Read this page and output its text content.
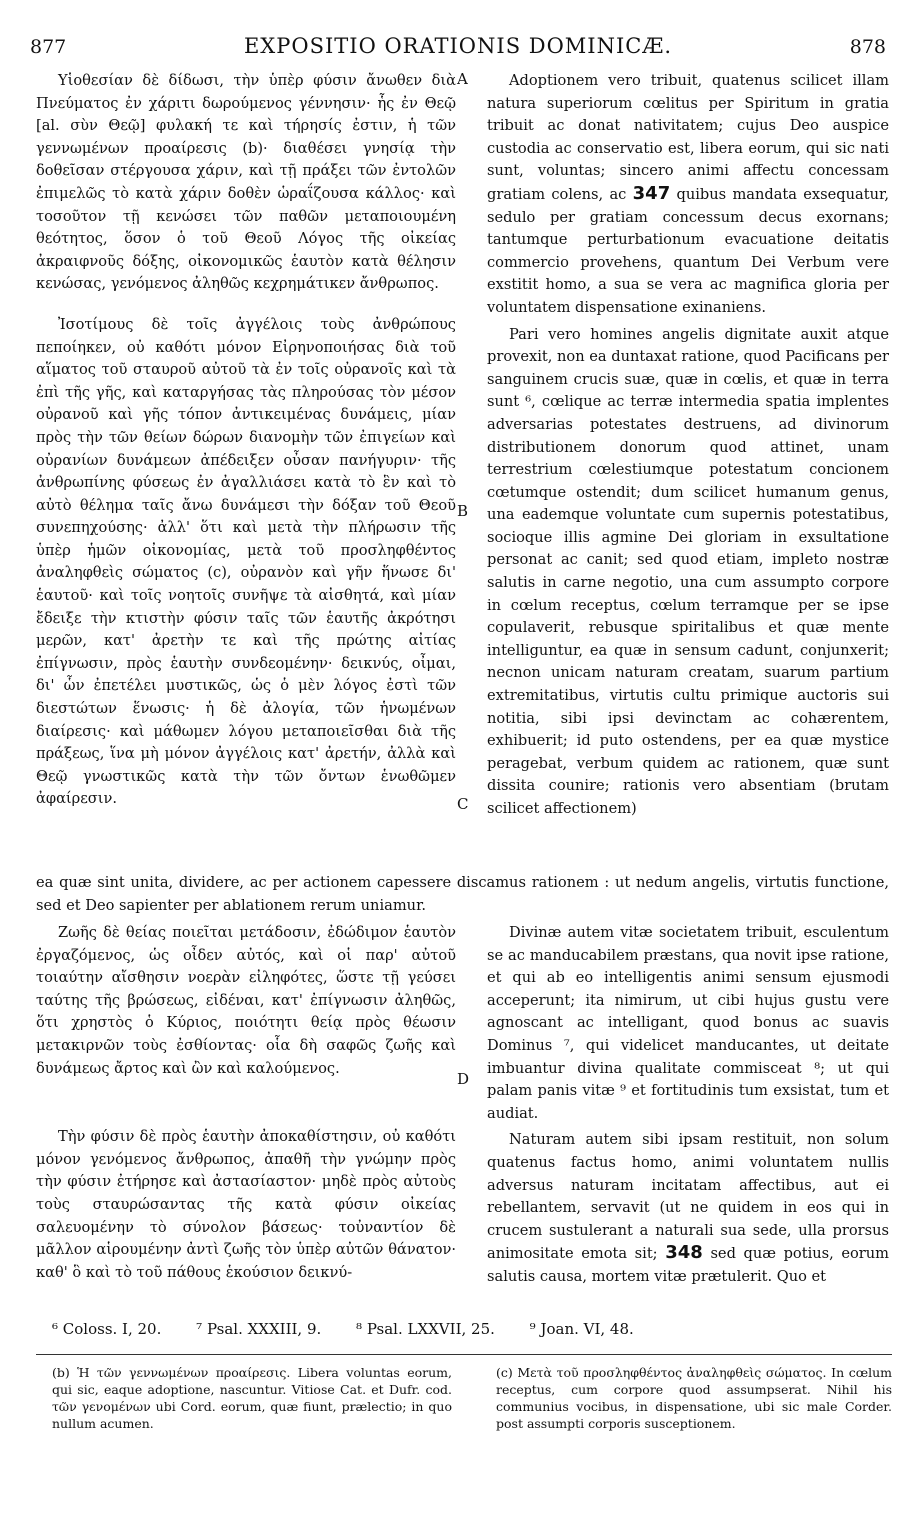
877	EXPOSITIO ORATIONIS DOMINICÆ.	878

Υἱοθεσίαν δὲ δίδωσι, τὴν ὑπὲρ φύσιν ἄνωθεν διὰ Πνεύματος ἐν χάριτι δωρούμενος γέννησιν· ἧς ἐν Θεῷ [al. σὺν Θεῷ] φυλακή τε καὶ τήρησίς ἐστιν, ἡ τῶν γεννωμένων προαίρεσις (b)· διαθέσει γνησίᾳ τὴν δοθεῖσαν στέργουσα χάριν, καὶ τῇ πράξει τῶν ἐντολῶν ἐπιμελῶς τὸ κατὰ χάριν δοθὲν ὡραΐζουσα κάλλος· καὶ τοσοῦτον τῇ κενώσει τῶν παθῶν μεταποιουμένη θεότητος, ὅσον ὁ τοῦ Θεοῦ Λόγος τῆς οἰκείας ἀκραιφνοῦς δόξης, οἰκονομικῶς ἑαυτὸν κατὰ θέλησιν κενώσας, γενόμενος ἀληθῶς κεχρημάτικεν ἄνθρωπος.

Ἰσοτίμους δὲ τοῖς ἀγγέλοις τοὺς ἀνθρώπους πεποίηκεν, οὐ καθότι μόνον Εἰρηνοποιήσας διὰ τοῦ αἵματος τοῦ σταυροῦ αὐτοῦ τὰ ἐν τοῖς οὐρανοῖς καὶ τὰ ἐπὶ τῆς γῆς, καὶ καταργήσας τὰς πληρούσας τὸν μέσον οὐρανοῦ καὶ γῆς τόπον ἀντικειμένας δυνάμεις, μίαν πρὸς τὴν τῶν θείων δώρων διανομὴν τῶν ἐπιγείων καὶ οὐρανίων δυνάμεων ἀπέδειξεν οὖσαν πανήγυριν· τῆς ἀνθρωπίνης φύσεως ἐν ἀγαλλιάσει κατὰ τὸ ἓν καὶ τὸ αὐτὸ θέλημα ταῖς ἄνω δυνάμεσι τὴν δόξαν τοῦ Θεοῦ συνεπηχούσης· ἀλλ' ὅτι καὶ μετὰ τὴν πλήρωσιν τῆς ὑπὲρ ἡμῶν οἰκονομίας, μετὰ τοῦ προσληφθέντος ἀναληφθεὶς σώματος (c), οὐρανὸν καὶ γῆν ἥνωσε δι' ἑαυτοῦ· καὶ τοῖς νοητοῖς συνῆψε τὰ αἰσθητά, καὶ μίαν ἔδειξε τὴν κτιστὴν φύσιν ταῖς τῶν ἑαυτῆς ἀκρότησι μερῶν, κατ' ἀρετὴν τε καὶ τῆς πρώτης αἰτίας ἐπίγνωσιν, πρὸς ἑαυτὴν συνδεομένην· δεικνύς, οἶμαι, δι' ὧν ἐπετέλει μυστικῶς, ὡς ὁ μὲν λόγος ἐστὶ τῶν διεστώτων ἕνωσις· ἡ δὲ ἀλογία, τῶν ἡνωμένων διαίρεσις· καὶ μάθωμεν λόγου μεταποιεῖσθαι διὰ τῆς πράξεως, ἵνα μὴ μόνον ἀγγέλοις κατ' ἀρετήν, ἀλλὰ καὶ Θεῷ γνωστικῶς κατὰ τὴν τῶν ὄντων ἑνωθῶμεν ἀφαίρεσιν.

Adoptionem vero tribuit, quatenus scilicet illam natura superiorum cœlitus per Spiritum in gratia tribuit ac donat nativitatem; cujus Deo auspice custodia ac conservatio est, libera eorum, qui sic nati sunt, voluntas; sincero animi affectu concessam gratiam colens, ac 347 quibus mandata exsequatur, sedulo per gratiam concessum decus exornans; tantumque perturbationum evacuatione deitatis commercio provehens, quantum Dei Verbum vere exstitit homo, a sua se vera ac magnifica gloria per voluntatem dispensatione exinaniens.

Pari vero homines angelis dignitate auxit atque provexit, non ea duntaxat ratione, quod Pacificans per sanguinem crucis suæ, quæ in cœlis, et quæ in terra sunt ⁶, cœlique ac terræ intermedia spatia implentes adversarias potestates destruens, ad divinorum distributionem donorum quod attinet, unam terrestrium cœlestiumque potestatum concionem cœtumque ostendit; dum scilicet humanum genus, una eademque voluntate cum supernis potestatibus, socioque illis agmine Dei gloriam in exsultatione personat ac canit; sed quod etiam, impleto nostræ salutis in carne negotio, una cum assumpto corpore in cœlum receptus, cœlum terramque per se ipse copulaverit, rebusque spiritalibus et quæ mente intelliguntur, ea quæ in sensum cadunt, conjunxerit; necnon unicam naturam creatam, suarum partium extremitatibus, virtutis cultu primique auctoris sui notitia, sibi ipsi devinctam ac cohærentem, exhibuerit; id puto ostendens, per ea quæ mystice peragebat, verbum quidem ac rationem, quæ sunt dissita counire; rationis vero absentiam (brutam scilicet affectionem)

A
B
C
D

ea quæ sint unita, dividere, ac per actionem capessere discamus rationem : ut nedum angelis, virtutis functione, sed et Deo sapienter per ablationem rerum uniamur.

Ζωῆς δὲ θείας ποιεῖται μετάδοσιν, ἐδώδιμον ἑαυτὸν ἐργαζόμενος, ὡς οἶδεν αὐτός, καὶ οἱ παρ' αὐτοῦ τοιαύτην αἴσθησιν νοερὰν εἰληφότες, ὥστε τῇ γεύσει ταύτης τῆς βρώσεως, εἰδέναι, κατ' ἐπίγνωσιν ἀληθῶς, ὅτι χρηστὸς ὁ Κύριος, ποιότητι θείᾳ πρὸς θέωσιν μετακιρνῶν τοὺς ἐσθίοντας· οἷα δὴ σαφῶς ζωῆς καὶ δυνάμεως ἄρτος καὶ ὢν καὶ καλούμενος.

Τὴν φύσιν δὲ πρὸς ἑαυτὴν ἀποκαθίστησιν, οὐ καθότι μόνον γενόμενος ἄνθρωπος, ἀπαθῆ τὴν γνώμην πρὸς τὴν φύσιν ἐτήρησε καὶ ἀστασίαστον· μηδὲ πρὸς αὐτοὺς τοὺς σταυρώσαντας τῆς κατὰ φύσιν οἰκείας σαλευομένην τὸ σύνολον βάσεως· τοὐναντίον δὲ μᾶλλον αἱρουμένην ἀντὶ ζωῆς τὸν ὑπὲρ αὐτῶν θάνατον· καθ' ὃ καὶ τὸ τοῦ πάθους ἑκούσιον δεικνύ-

Divinæ autem vitæ societatem tribuit, esculentum se ac manducabilem præstans, qua novit ipse ratione, et qui ab eo intelligentis animi sensum ejusmodi acceperunt; ita nimirum, ut cibi hujus gustu vere agnoscant ac intelligant, quod bonus ac suavis Dominus ⁷, qui videlicet manducantes, ut deitate imbuantur divina qualitate commisceat ⁸; ut qui palam panis vitæ ⁹ et fortitudinis tum exsistat, tum et audiat.

Naturam autem sibi ipsam restituit, non solum quatenus factus homo, animi voluntatem nullis adversus naturam incitatam affectibus, aut ei rebellantem, servavit (ut ne quidem in eos qui in crucem sustulerant a naturali sua sede, ulla prorsus animositate emota sit; 348 sed quæ potius, eorum salutis causa, mortem vitæ prætulerit. Quo et

⁶ Coloss. I, 20. ⁷ Psal. XXXIII, 9. ⁸ Psal. LXXVII, 25. ⁹ Joan. VI, 48.
(b) Ἡ τῶν γεννωμένων προαίρεσις. Libera voluntas eorum, qui sic, eaque adoptione, nascuntur. Vitiose Cat. et Dufr. cod. τῶν γενομένων ubi Cord. eorum, quæ fiunt, prælectio; in quo nullum acumen.
(c) Μετὰ τοῦ προσληφθέντος ἀναληφθεὶς σώματος. In cœlum receptus, cum corpore quod assumpserat. Nihil his communius vocibus, in dispensatione, ubi sic male Corder. post assumpti corporis susceptionem.
